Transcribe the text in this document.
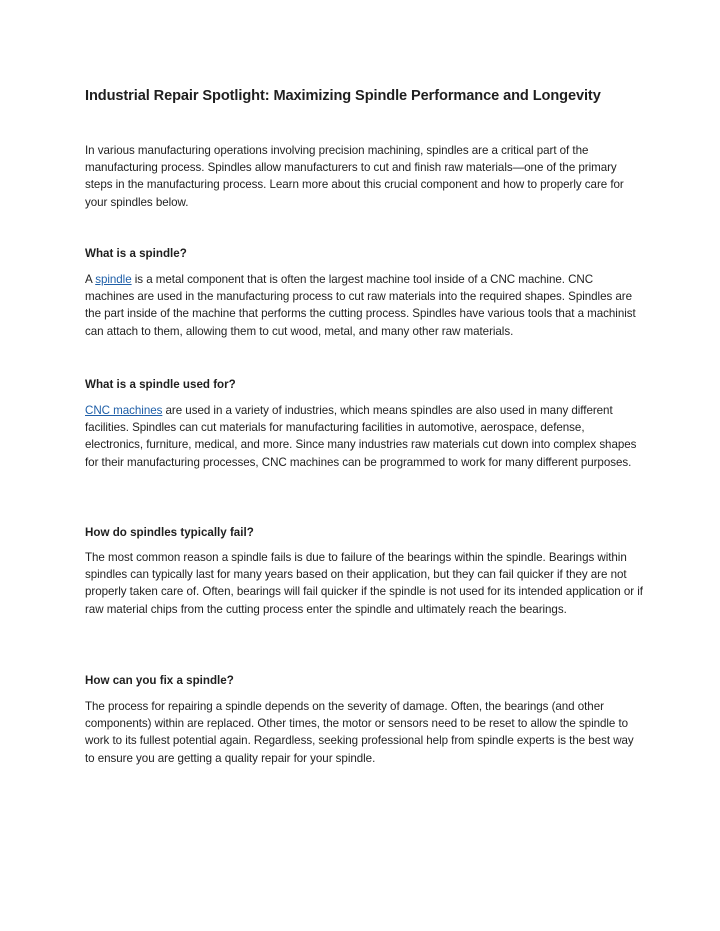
Industrial Repair Spotlight: Maximizing Spindle Performance and Longevity

In various manufacturing operations involving precision machining, spindles are a critical part of the manufacturing process. Spindles allow manufacturers to cut and finish raw materials—one of the primary steps in the manufacturing process. Learn more about this crucial component and how to properly care for your spindles below.

What is a spindle?

A spindle is a metal component that is often the largest machine tool inside of a CNC machine. CNC machines are used in the manufacturing process to cut raw materials into the required shapes. Spindles are the part inside of the machine that performs the cutting process. Spindles have various tools that a machinist can attach to them, allowing them to cut wood, metal, and many other raw materials.

What is a spindle used for?

CNC machines are used in a variety of industries, which means spindles are also used in many different facilities. Spindles can cut materials for manufacturing facilities in automotive, aerospace, defense, electronics, furniture, medical, and more. Since many industries raw materials cut down into complex shapes for their manufacturing processes, CNC machines can be programmed to work for many different purposes.

How do spindles typically fail?

The most common reason a spindle fails is due to failure of the bearings within the spindle. Bearings within spindles can typically last for many years based on their application, but they can fail quicker if they are not properly taken care of. Often, bearings will fail quicker if the spindle is not used for its intended application or if raw material chips from the cutting process enter the spindle and ultimately reach the bearings.

How can you fix a spindle?

The process for repairing a spindle depends on the severity of damage. Often, the bearings (and other components) within are replaced. Other times, the motor or sensors need to be reset to allow the spindle to work to its fullest potential again. Regardless, seeking professional help from spindle experts is the best way to ensure you are getting a quality repair for your spindle.
